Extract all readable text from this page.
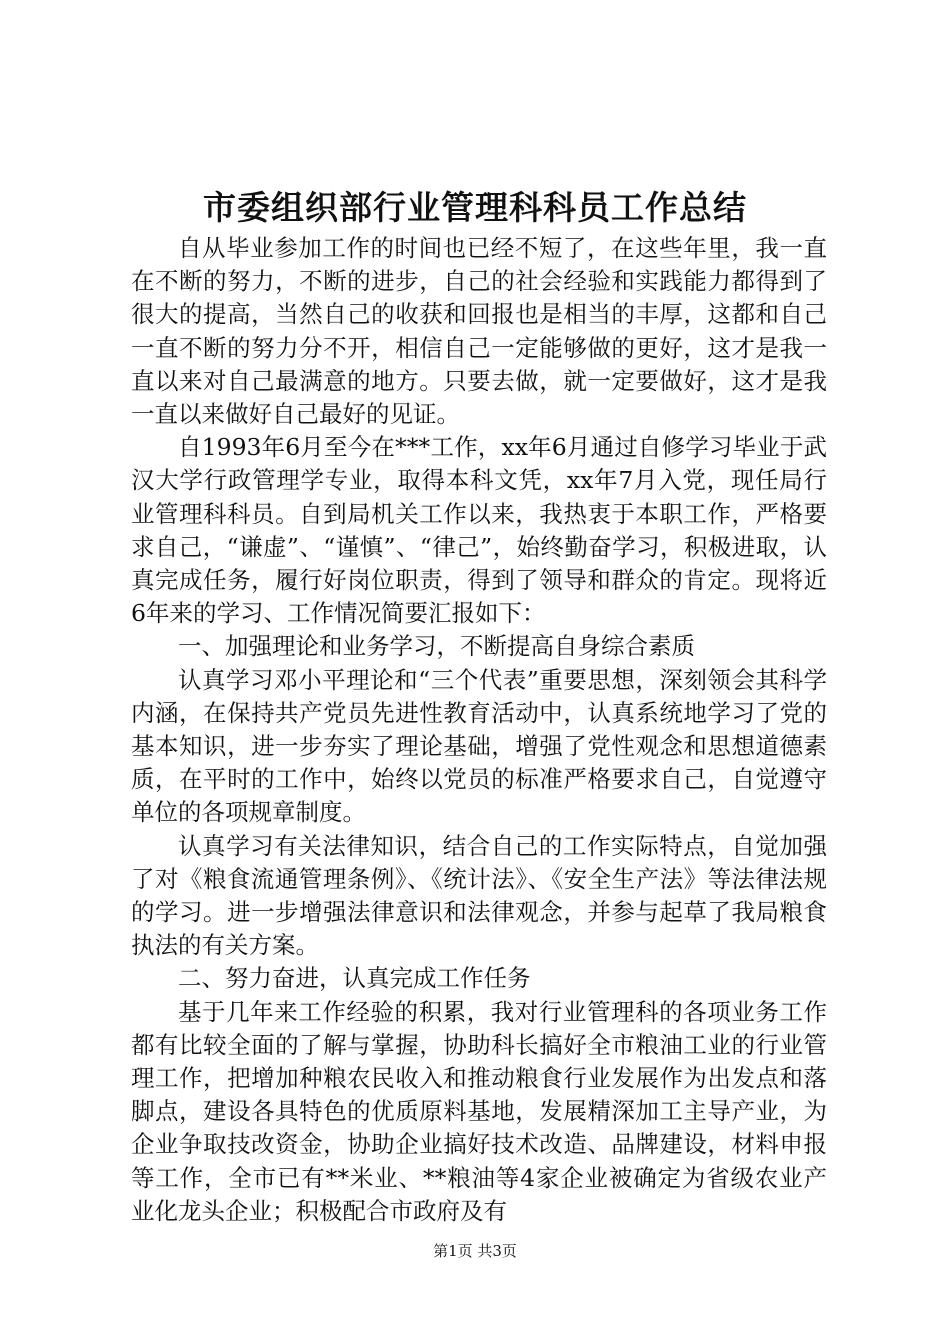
市委组织部行业管理科科员工作总结

自从毕业参加工作的时间也已经不短了，在这些年里，我一直在不断的努力，不断的进步，自己的社会经验和实践能力都得到了很大的提高，当然自己的收获和回报也是相当的丰厚，这都和自己一直不断的努力分不开，相信自己一定能够做的更好，这才是我一直以来对自己最满意的地方。只要去做，就一定要做好，这才是我一直以来做好自己最好的见证。

自1993年6月至今在***工作，xx年6月通过自修学习毕业于武汉大学行政管理学专业，取得本科文凭，xx年7月入党，现任局行业管理科科员。自到局机关工作以来，我热衷于本职工作，严格要求自己，“谦虚”、“谨慎”、“律己”，始终勤奋学习，积极进取，认真完成任务，履行好岗位职责，得到了领导和群众的肯定。现将近6年来的学习、工作情况简要汇报如下：

一、加强理论和业务学习，不断提高自身综合素质

认真学习邓小平理论和“三个代表”重要思想，深刻领会其科学内涵，在保持共产党员先进性教育活动中，认真系统地学习了党的基本知识，进一步夯实了理论基础，增强了党性观念和思想道德素质，在平时的工作中，始终以党员的标准严格要求自己，自觉遵守单位的各项规章制度。

认真学习有关法律知识，结合自己的工作实际特点，自觉加强了对《粮食流通管理条例》、《统计法》、《安全生产法》等法律法规的学习。进一步增强法律意识和法律观念，并参与起草了我局粮食执法的有关方案。

二、努力奋进，认真完成工作任务

基于几年来工作经验的积累，我对行业管理科的各项业务工作都有比较全面的了解与掌握，协助科长搞好全市粮油工业的行业管理工作，把增加种粮农民收入和推动粮食行业发展作为出发点和落脚点，建设各具特色的优质原料基地，发展精深加工主导产业，为企业争取技改资金，协助企业搞好技术改造、品牌建设，材料申报等工作，全市已有**米业、**粮油等4家企业被确定为省级农业产业化龙头企业；积极配合市政府及有

第1页 共3页
